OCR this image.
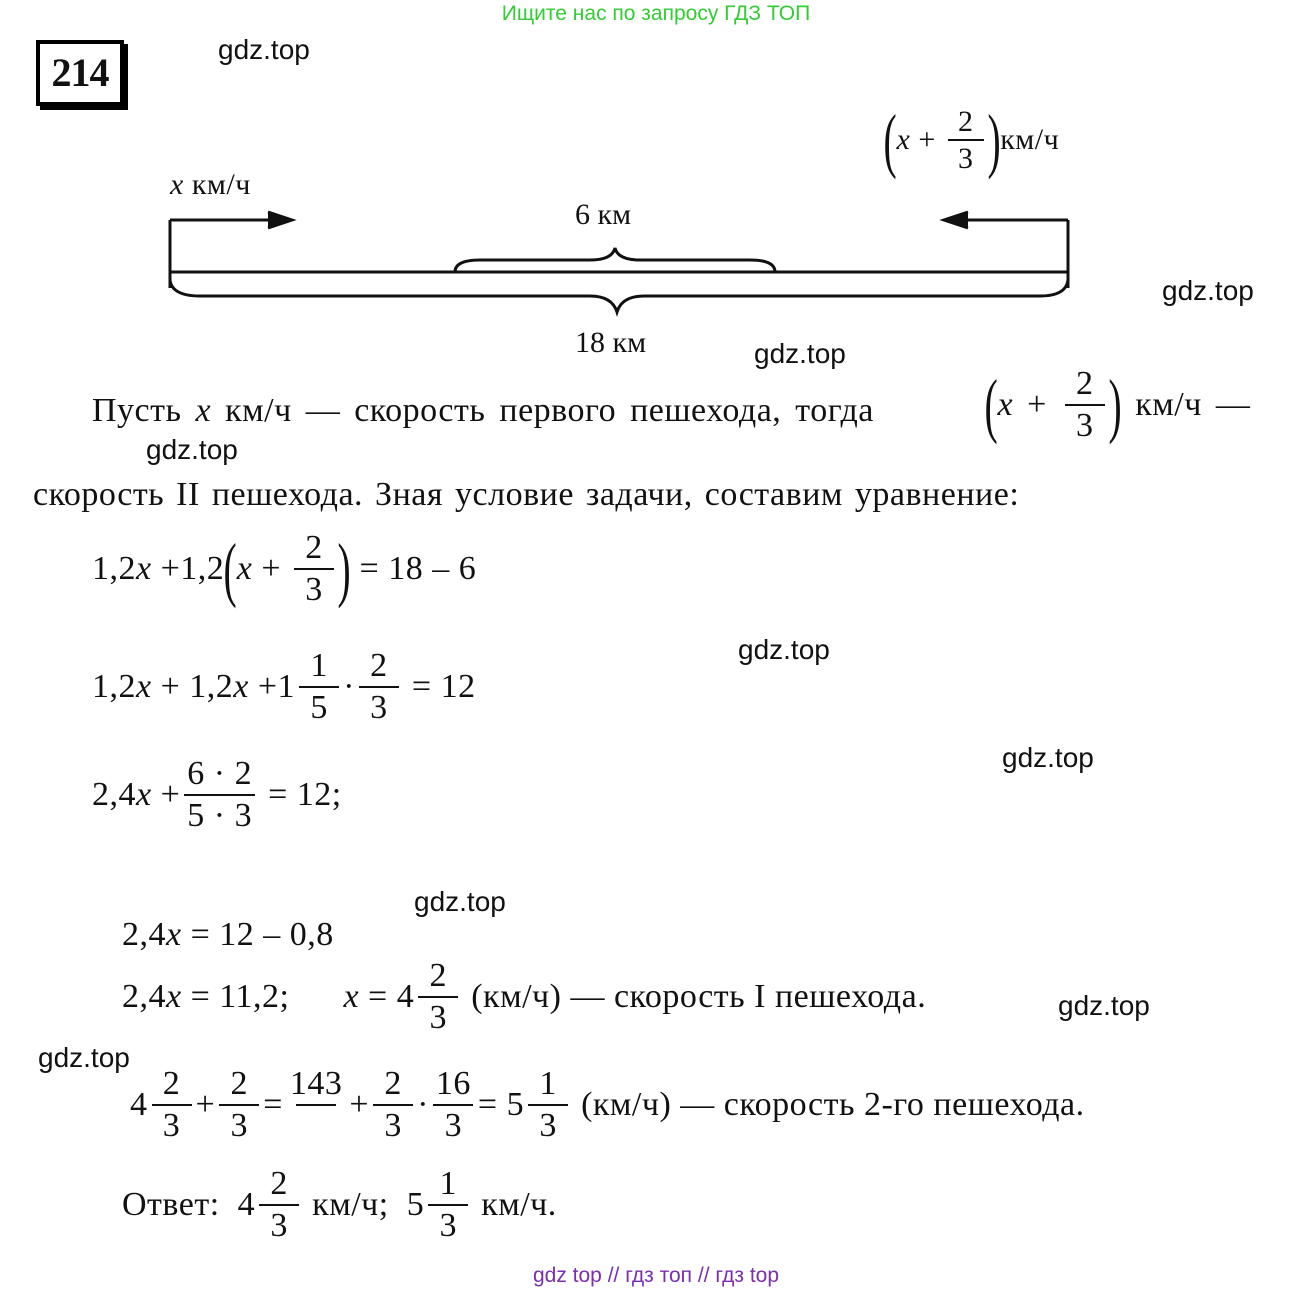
Ищите нас по запросу ГДЗ ТОП
214
gdz.top
gdz.top
gdz.top
gdz.top
gdz.top
gdz.top
gdz.top
gdz.top
gdz.top
x км/ч
( $x + \frac{2}{3}$ ) км/ч
6 км
18 км
Пусть x км/ч — скорость первого пешехода, тогда ( $x + \frac{2}{3}$ ) км/ч —
скорость II пешехода. Зная условие задачи, составим уравнение:
1,2 x +1,2 ( $x + \frac{2}{3}$ ) = 18 – 6
1,2 x + 1,2 $x +1 \frac{1}{5} \cdot \frac{2}{3} = 12$
2,4 $x + \frac{6 \cdot 2}{5 \cdot 3} = 12$;
2,4 x = 12 – 0,8
2,4 x = 11,2; $x = 4 \frac{2}{3} (км/ч)$ — скорость I пешехода.
$4 \frac{2}{3} + \frac{2}{3}$ =
143

+ $\frac{2}{3} \cdot \frac{16}{3} = 5 \frac{1}{3} (км/ч)$ — скорость 2-го пешехода.
Ответ:  $4 \frac{2}{3} км/ч$;  $5 \frac{1}{3} км/ч$.
gdz top // гдз топ // гдз top
